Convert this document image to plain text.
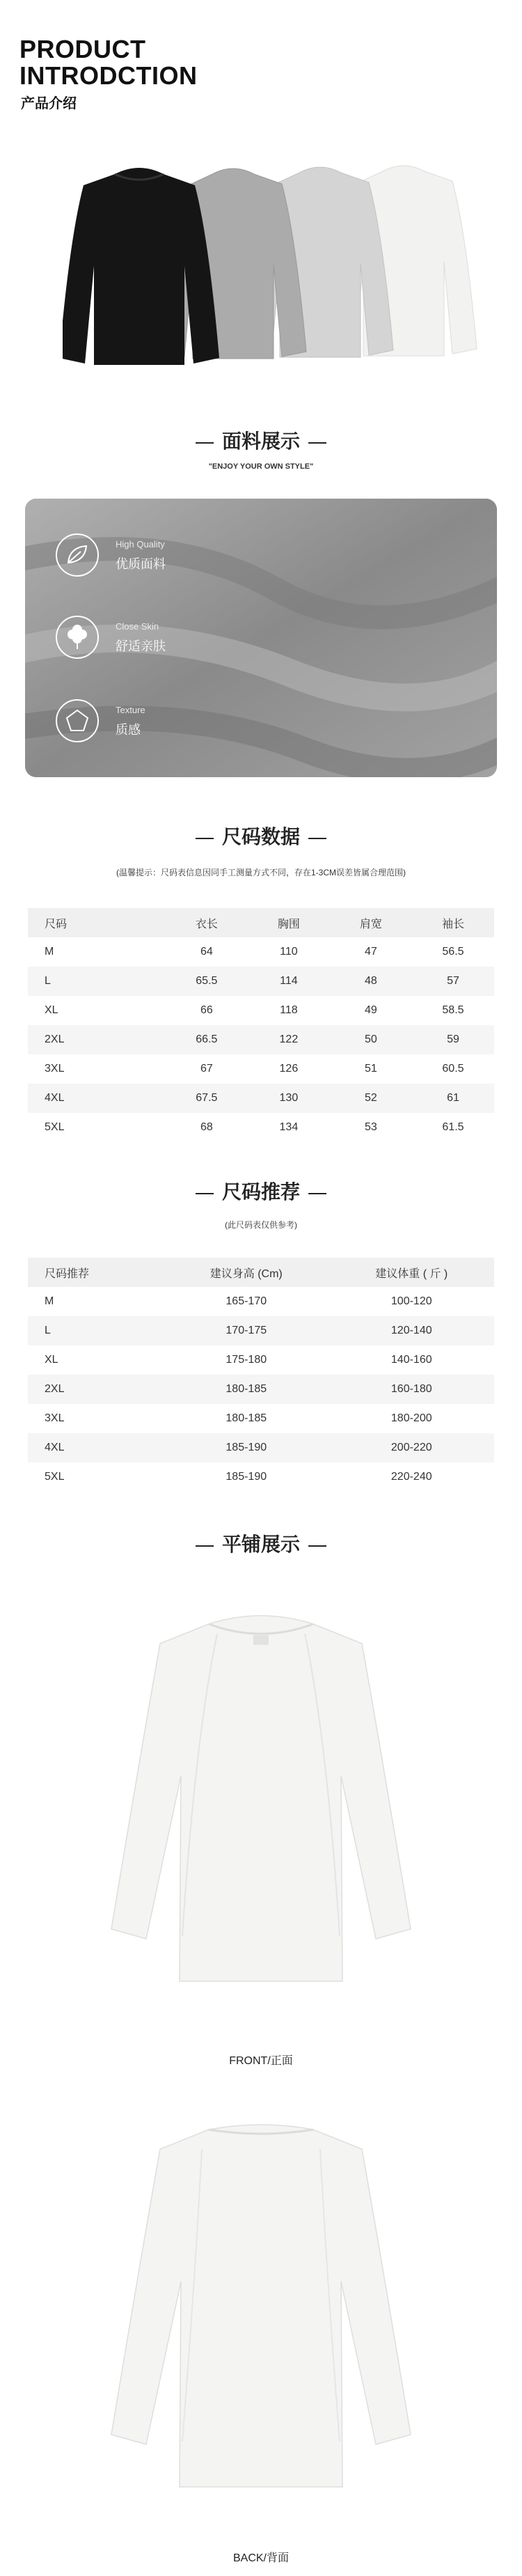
PRODUCT
INTRODCTION
产品介绍
面料展示
"ENJOY YOUR OWN STYLE"
High Quality
优质面料
Close Skin
舒适亲肤
Texture
质感
尺码数据
(温馨提示：尺码表信息因同手工测量方式不同，存在1-3CM误差皆属合理范围)
尺码	衣长	胸围	肩宽	袖长
M	64	110	47	56.5
L	65.5	114	48	57
XL	66	118	49	58.5
2XL	66.5	122	50	59
3XL	67	126	51	60.5
4XL	67.5	130	52	61
5XL	68	134	53	61.5
尺码推荐
(此尺码表仅供参考)
尺码推荐	建议身高 (Cm)	建议体重 ( 斤 )
M	165-170	100-120
L	170-175	120-140
XL	175-180	140-160
2XL	180-185	160-180
3XL	180-185	180-200
4XL	185-190	200-220
5XL	185-190	220-240
平铺展示
FRONT/正面
BACK/背面
